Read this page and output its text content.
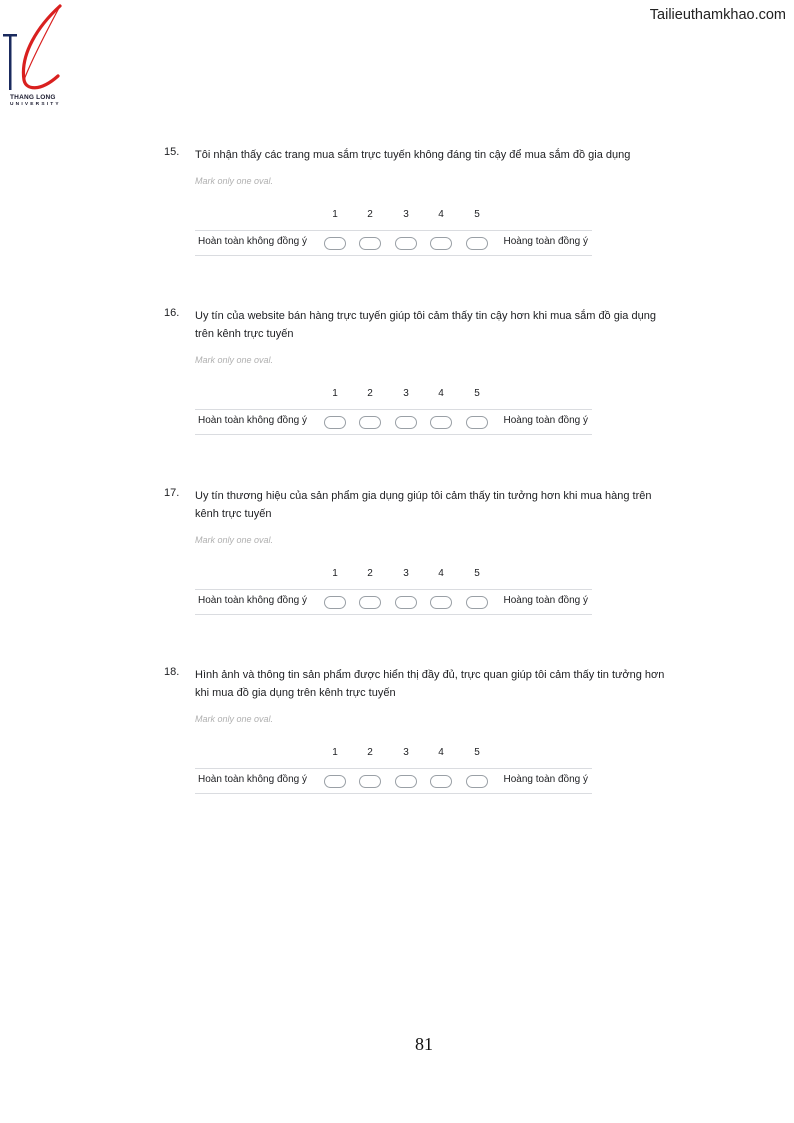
THANG LONG
UNIVERSITY
Tailieuthamkhao.com
15. Tôi nhận thấy các trang mua sắm trực tuyến không đáng tin cậy để mua sắm đồ gia dụng
Mark only one oval.
1	2	3	4	5
Hoàn toàn không đồng ý	Hoàng toàn đồng ý
16. Uy tín của website bán hàng trực tuyến giúp tôi cảm thấy tin cậy hơn khi mua sắm đồ gia dụng trên kênh trực tuyến
Mark only one oval.
1	2	3	4	5
Hoàn toàn không đồng ý	Hoàng toàn đồng ý
17. Uy tín thương hiệu của sản phẩm gia dụng giúp tôi cảm thấy tin tưởng hơn khi mua hàng trên kênh trực tuyến
Mark only one oval.
1	2	3	4	5
Hoàn toàn không đồng ý	Hoàng toàn đồng ý
18. Hình ảnh và thông tin sản phẩm được hiển thị đầy đủ, trực quan giúp tôi cảm thấy tin tưởng hơn khi mua đồ gia dụng trên kênh trực tuyến
Mark only one oval.
1	2	3	4	5
Hoàn toàn không đồng ý	Hoàng toàn đồng ý
81
